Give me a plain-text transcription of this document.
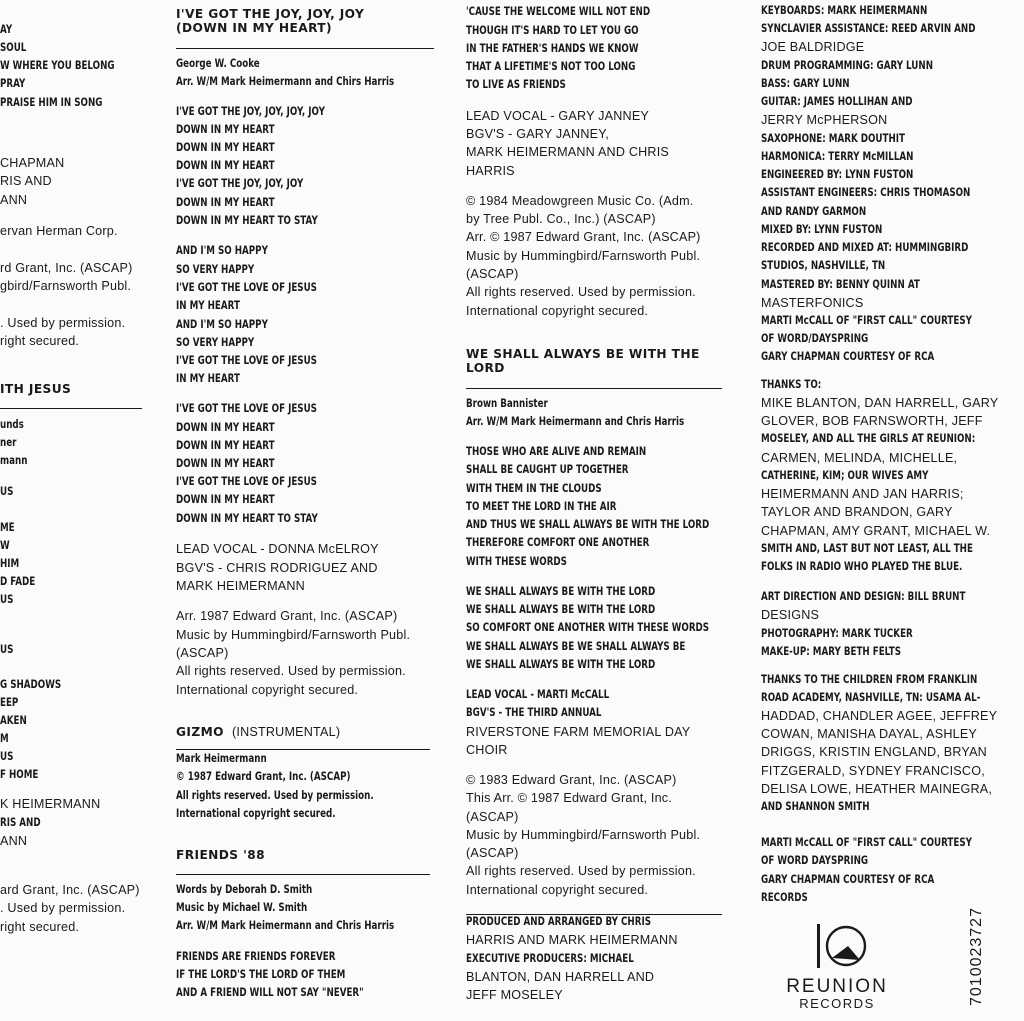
AY
SOUL
W WHERE YOU BELONG
PRAY
PRAISE HIM IN SONG
CHAPMAN
RIS AND
ANN
ervan Herman Corp.
rd Grant, Inc. (ASCAP)
gbird/Farnsworth Publ.
. Used by permission.
right secured.
ITH JESUS
unds
ner
mann
US
ME
W
HIM
D FADE
US
US
G SHADOWS
EEP
AKEN
M
US
F HOME
K HEIMERMANN
RIS AND
ANN
ard Grant, Inc. (ASCAP)
. Used by permission.
right secured.
I'VE GOT THE JOY, JOY, JOY
(DOWN IN MY HEART)
George W. Cooke
Arr. W/M Mark Heimermann and Chirs Harris
I'VE GOT THE JOY, JOY, JOY, JOY
DOWN IN MY HEART
DOWN IN MY HEART
DOWN IN MY HEART
I'VE GOT THE JOY, JOY, JOY
DOWN IN MY HEART
DOWN IN MY HEART TO STAY
AND I'M SO HAPPY
SO VERY HAPPY
I'VE GOT THE LOVE OF JESUS
IN MY HEART
AND I'M SO HAPPY
SO VERY HAPPY
I'VE GOT THE LOVE OF JESUS
IN MY HEART
I'VE GOT THE LOVE OF JESUS
DOWN IN MY HEART
DOWN IN MY HEART
DOWN IN MY HEART
I'VE GOT THE LOVE OF JESUS
DOWN IN MY HEART
DOWN IN MY HEART TO STAY
LEAD VOCAL - DONNA McELROY
BGV'S - CHRIS RODRIGUEZ AND
MARK HEIMERMANN
Arr. 1987 Edward Grant, Inc. (ASCAP)
Music by Hummingbird/Farnsworth Publ.
(ASCAP)
All rights reserved. Used by permission.
International copyright secured.
GIZMO
Mark Heimermann
© 1987 Edward Grant, Inc. (ASCAP)
All rights reserved. Used by permission.
International copyright secured.
FRIENDS '88
Words by Deborah D. Smith
Music by Michael W. Smith
Arr. W/M Mark Heimermann and Chris Harris
FRIENDS ARE FRIENDS FOREVER
IF THE LORD'S THE LORD OF THEM
AND A FRIEND WILL NOT SAY "NEVER"
(INSTRUMENTAL)
'CAUSE THE WELCOME WILL NOT END
THOUGH IT'S HARD TO LET YOU GO
IN THE FATHER'S HANDS WE KNOW
THAT A LIFETIME'S NOT TOO LONG
TO LIVE AS FRIENDS
LEAD VOCAL - GARY JANNEY
BGV'S - GARY JANNEY,
MARK HEIMERMANN AND CHRIS
HARRIS
© 1984 Meadowgreen Music Co. (Adm.
by Tree Publ. Co., Inc.) (ASCAP)
Arr. © 1987 Edward Grant, Inc. (ASCAP)
Music by Hummingbird/Farnsworth Publ.
(ASCAP)
All rights reserved. Used by permission.
International copyright secured.
WE SHALL ALWAYS BE WITH THE
LORD
Brown Bannister
Arr. W/M Mark Heimermann and Chris Harris
THOSE WHO ARE ALIVE AND REMAIN
SHALL BE CAUGHT UP TOGETHER
WITH THEM IN THE CLOUDS
TO MEET THE LORD IN THE AIR
AND THUS WE SHALL ALWAYS BE WITH THE LORD
THEREFORE COMFORT ONE ANOTHER
WITH THESE WORDS
WE SHALL ALWAYS BE WITH THE LORD
WE SHALL ALWAYS BE WITH THE LORD
SO COMFORT ONE ANOTHER WITH THESE WORDS
WE SHALL ALWAYS BE WE SHALL ALWAYS BE
WE SHALL ALWAYS BE WITH THE LORD
LEAD VOCAL - MARTI McCALL
BGV'S - THE THIRD ANNUAL
RIVERSTONE FARM MEMORIAL DAY
CHOIR
© 1983 Edward Grant, Inc. (ASCAP)
This Arr. © 1987 Edward Grant, Inc.
(ASCAP)
Music by Hummingbird/Farnsworth Publ.
(ASCAP)
All rights reserved. Used by permission.
International copyright secured.
PRODUCED AND ARRANGED BY CHRIS
HARRIS AND MARK HEIMERMANN
EXECUTIVE PRODUCERS: MICHAEL
BLANTON, DAN HARRELL AND
JEFF MOSELEY
KEYBOARDS: MARK HEIMERMANN
SYNCLAVIER ASSISTANCE: REED ARVIN AND
JOE BALDRIDGE
DRUM PROGRAMMING: GARY LUNN
BASS: GARY LUNN
GUITAR: JAMES HOLLIHAN AND
JERRY McPHERSON
SAXOPHONE: MARK DOUTHIT
HARMONICA: TERRY McMILLAN
ENGINEERED BY: LYNN FUSTON
ASSISTANT ENGINEERS: CHRIS THOMASON
AND RANDY GARMON
MIXED BY: LYNN FUSTON
RECORDED AND MIXED AT: HUMMINGBIRD
STUDIOS, NASHVILLE, TN
MASTERED BY: BENNY QUINN AT
MASTERFONICS
MARTI McCALL OF "FIRST CALL" COURTESY
OF WORD/DAYSPRING
GARY CHAPMAN COURTESY OF RCA
THANKS TO:
MIKE BLANTON, DAN HARRELL, GARY
GLOVER, BOB FARNSWORTH, JEFF
MOSELEY, AND ALL THE GIRLS AT REUNION:
CARMEN, MELINDA, MICHELLE,
CATHERINE, KIM; OUR WIVES AMY
HEIMERMANN AND JAN HARRIS;
TAYLOR AND BRANDON, GARY
CHAPMAN, AMY GRANT, MICHAEL W.
SMITH AND, LAST BUT NOT LEAST, ALL THE
FOLKS IN RADIO WHO PLAYED THE BLUE.
ART DIRECTION AND DESIGN: BILL BRUNT
DESIGNS
PHOTOGRAPHY: MARK TUCKER
MAKE-UP: MARY BETH FELTS
THANKS TO THE CHILDREN FROM FRANKLIN
ROAD ACADEMY, NASHVILLE, TN: USAMA AL-
HADDAD, CHANDLER AGEE, JEFFREY
COWAN, MANISHA DAYAL, ASHLEY
DRIGGS, KRISTIN ENGLAND, BRYAN
FITZGERALD, SYDNEY FRANCISCO,
DELISA LOWE, HEATHER MAINEGRA,
AND SHANNON SMITH
MARTI McCALL OF "FIRST CALL" COURTESY
OF WORD DAYSPRING
GARY CHAPMAN COURTESY OF RCA
RECORDS
REUNION
RECORDS	7010023727
